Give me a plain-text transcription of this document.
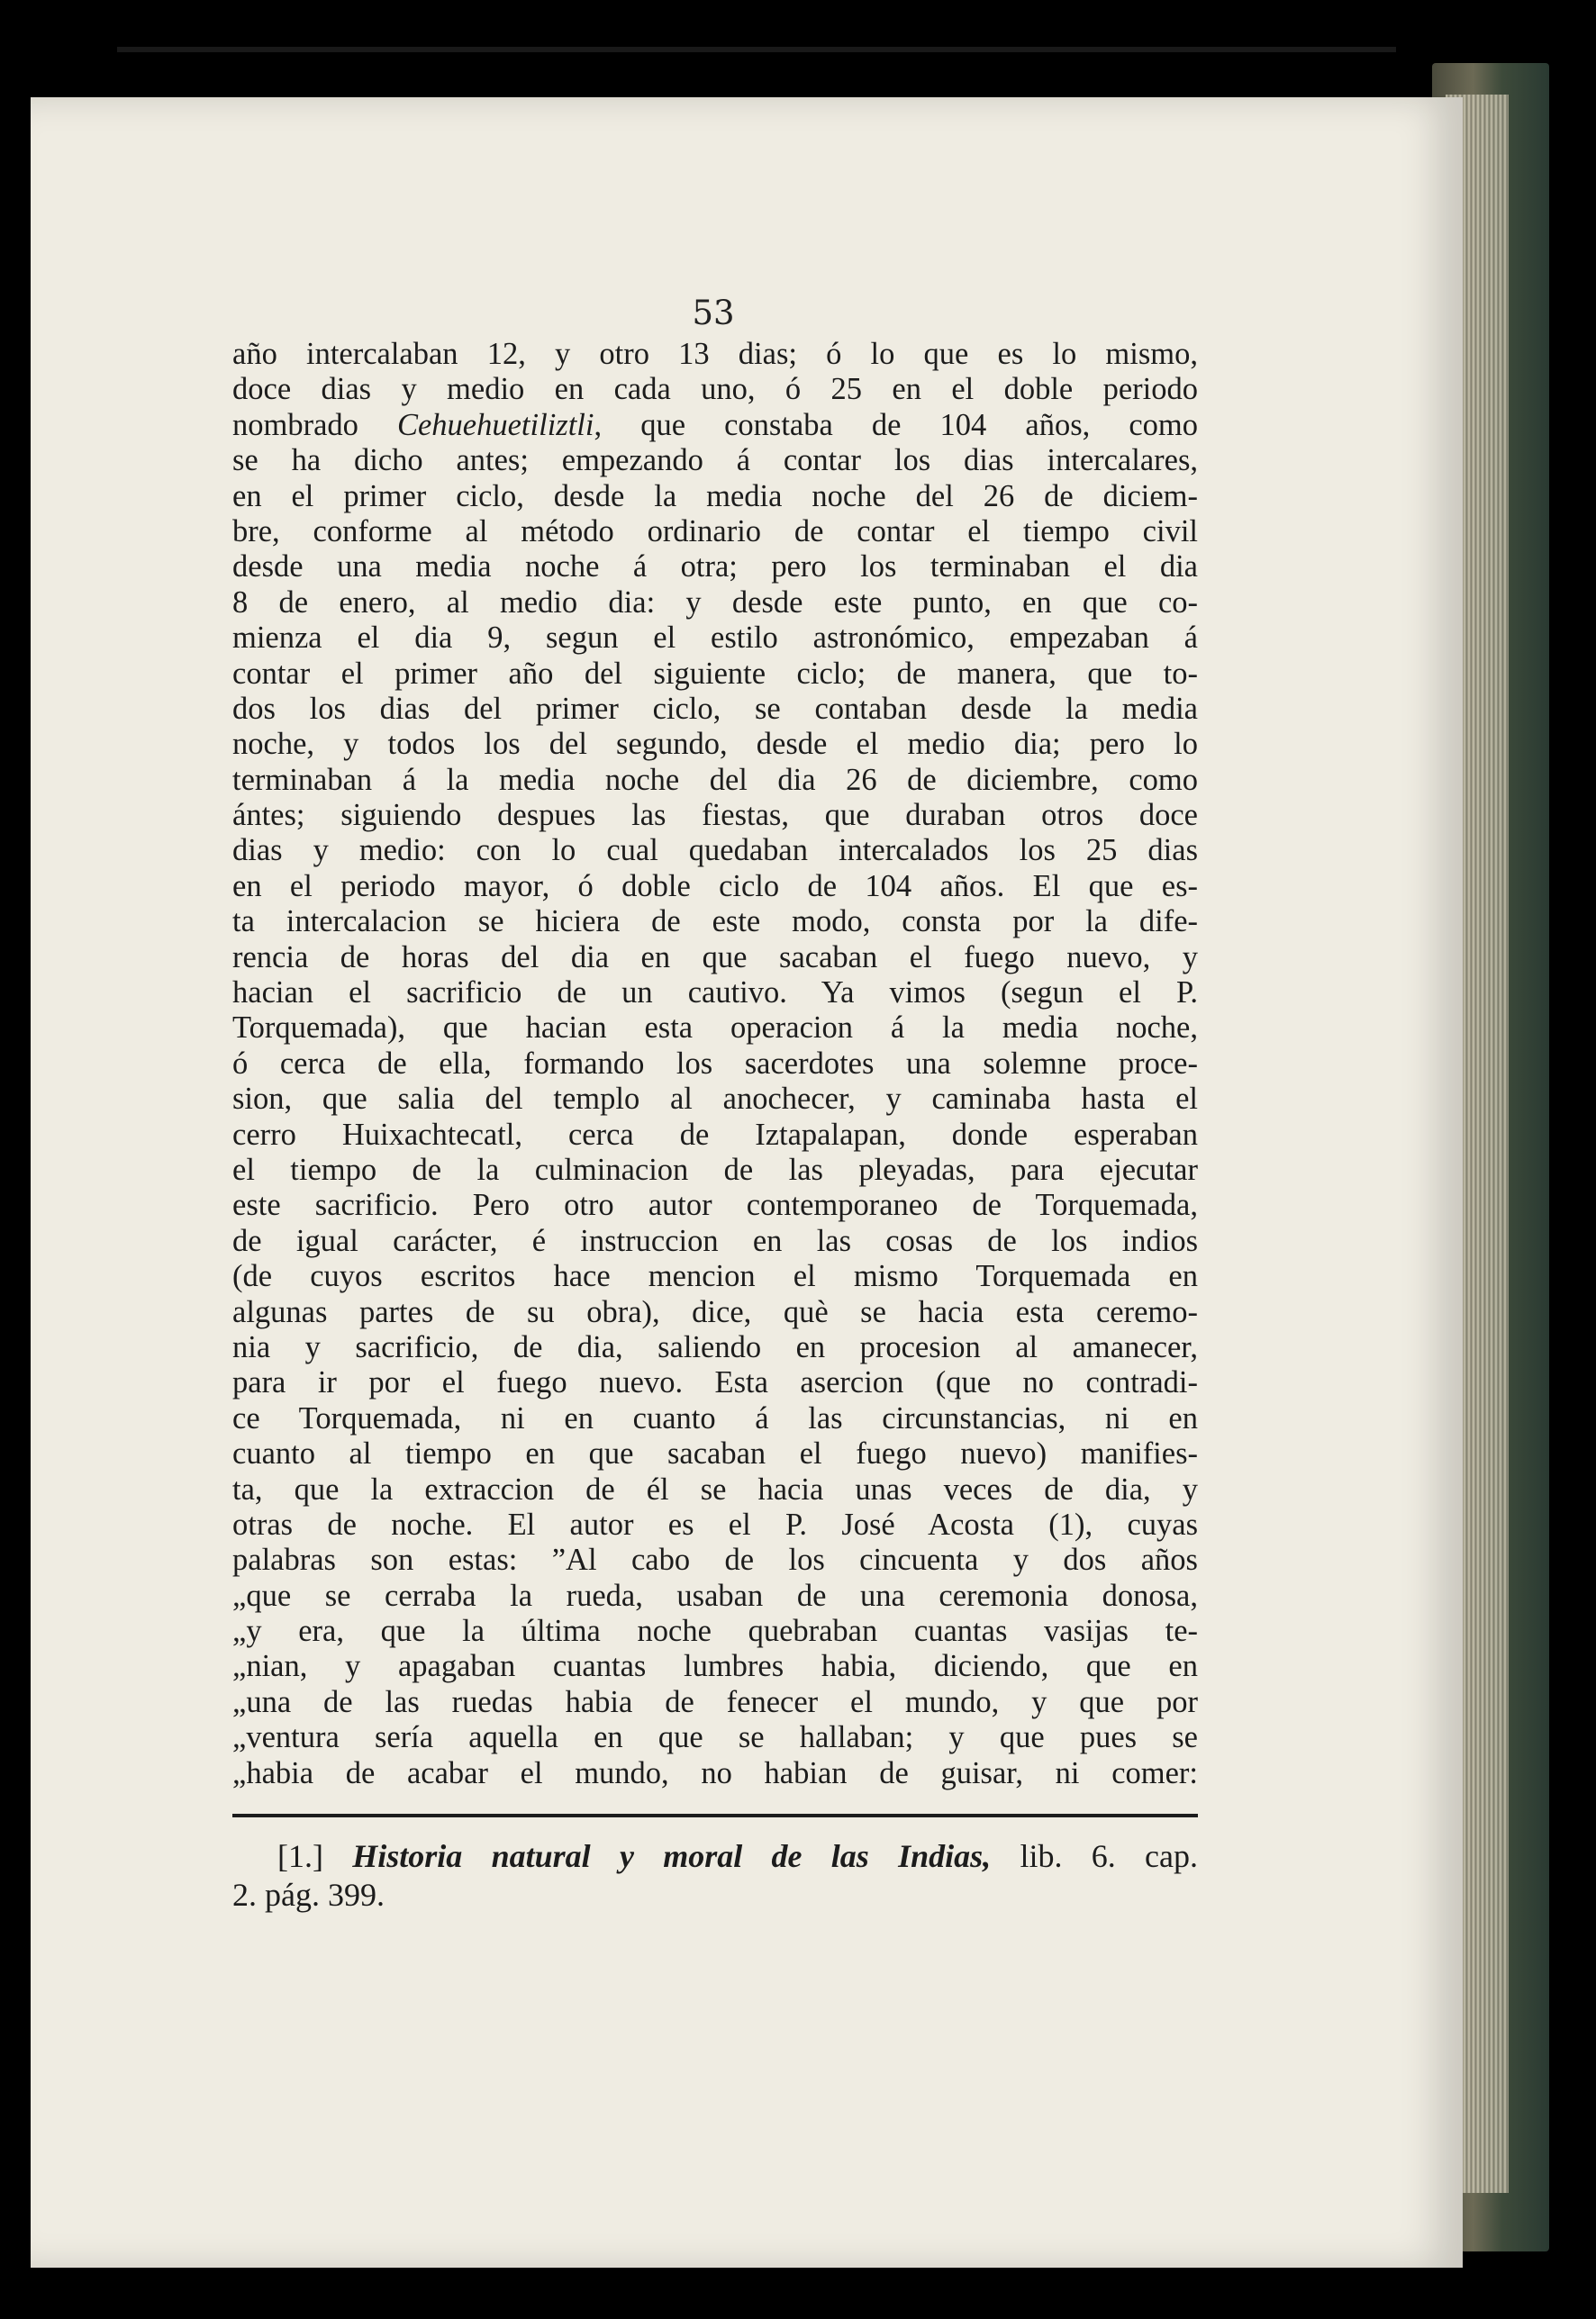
53
año intercalaban 12, y otro 13 dias; ó lo que es lo mismo,
doce dias y medio en cada uno, ó 25 en el doble periodo
nombrado Cehuehuetiliztli, que constaba de 104 años, como
se ha dicho antes; empezando á contar los dias intercalares,
en el primer ciclo, desde la media noche del 26 de diciem-
bre, conforme al método ordinario de contar el tiempo civil
desde una media noche á otra; pero los terminaban el dia
8 de enero, al medio dia: y desde este punto, en que co-
mienza el dia 9, segun el estilo astronómico, empezaban á
contar el primer año del siguiente ciclo; de manera, que to-
dos los dias del primer ciclo, se contaban desde la media
noche, y todos los del segundo, desde el medio dia; pero lo
terminaban á la media noche del dia 26 de diciembre, como
ántes; siguiendo despues las fiestas, que duraban otros doce
dias y medio: con lo cual quedaban intercalados los 25 dias
en el periodo mayor, ó doble ciclo de 104 años. El que es-
ta intercalacion se hiciera de este modo, consta por la dife-
rencia de horas del dia en que sacaban el fuego nuevo, y
hacian el sacrificio de un cautivo. Ya vimos (segun el P.
Torquemada), que hacian esta operacion á la media noche,
ó cerca de ella, formando los sacerdotes una solemne proce-
sion, que salia del templo al anochecer, y caminaba hasta el
cerro Huixachtecatl, cerca de Iztapalapan, donde esperaban
el tiempo de la culminacion de las pleyadas, para ejecutar
este sacrificio. Pero otro autor contemporaneo de Torquemada,
de igual carácter, é instruccion en las cosas de los indios
(de cuyos escritos hace mencion el mismo Torquemada en
algunas partes de su obra), dice, què se hacia esta ceremo-
nia y sacrificio, de dia, saliendo en procesion al amanecer,
para ir por el fuego nuevo. Esta asercion (que no contradi-
ce Torquemada, ni en cuanto á las circunstancias, ni en
cuanto al tiempo en que sacaban el fuego nuevo) manifies-
ta, que la extraccion de él se hacia unas veces de dia, y
otras de noche. El autor es el P. José Acosta (1), cuyas
palabras son estas: ”Al cabo de los cincuenta y dos años
„que se cerraba la rueda, usaban de una ceremonia donosa,
„y era, que la última noche quebraban cuantas vasijas te-
„nian, y apagaban cuantas lumbres habia, diciendo, que en
„una de las ruedas habia de fenecer el mundo, y que por
„ventura sería aquella en que se hallaban; y que pues se
„habia de acabar el mundo, no habian de guisar, ni comer:
[1.] Historia natural y moral de las Indias, lib. 6. cap.
2. pág. 399.
